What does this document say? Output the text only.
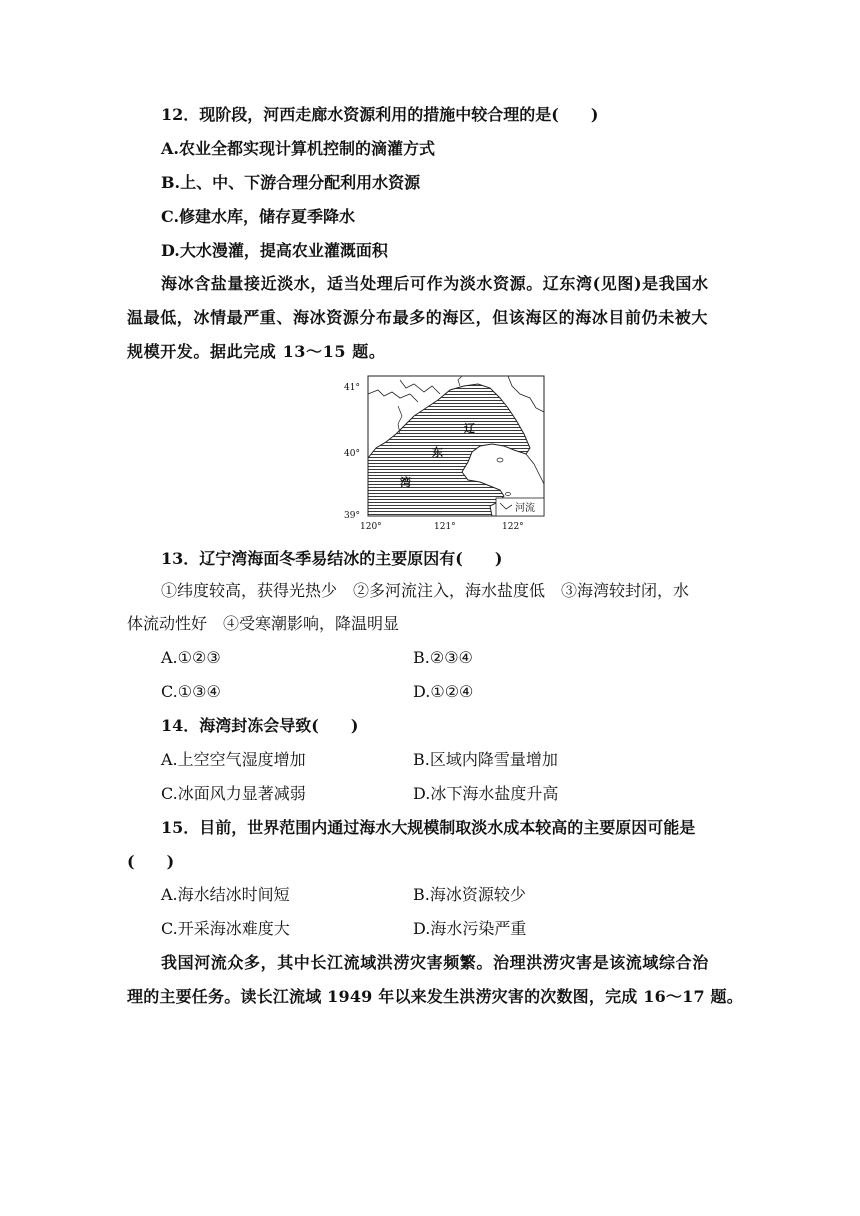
12．现阶段，河西走廊水资源利用的措施中较合理的是(　　)
A.农业全都实现计算机控制的滴灌方式
B.上、中、下游合理分配利用水资源
C.修建水库，储存夏季降水
D.大水漫灌，提高农业灌溉面积
海冰含盐量接近淡水，适当处理后可作为淡水资源。辽东湾(见图)是我国水
温最低，冰情最严重、海冰资源分布最多的海区，但该海区的海冰目前仍未被大
规模开发。据此完成 13～15 题。
河流
辽
东
湾
41°
40°
39°
120°	121°	122°
13．辽宁湾海面冬季易结冰的主要原因有(　　)
①纬度较高，获得光热少　②多河流注入，海水盐度低　③海湾较封闭，水
体流动性好　④受寒潮影响，降温明显
A.①②③	B.②③④
C.①③④	D.①②④
14．海湾封冻会导致(　　)
A.上空空气湿度增加	B.区域内降雪量增加
C.冰面风力显著减弱	D.冰下海水盐度升高
15．目前，世界范围内通过海水大规模制取淡水成本较高的主要原因可能是
(　　)
A.海水结冰时间短	B.海冰资源较少
C.开采海冰难度大	D.海水污染严重
我国河流众多，其中长江流域洪涝灾害频繁。治理洪涝灾害是该流域综合治
理的主要任务。读长江流域 1949 年以来发生洪涝灾害的次数图，完成 16～17 题。
